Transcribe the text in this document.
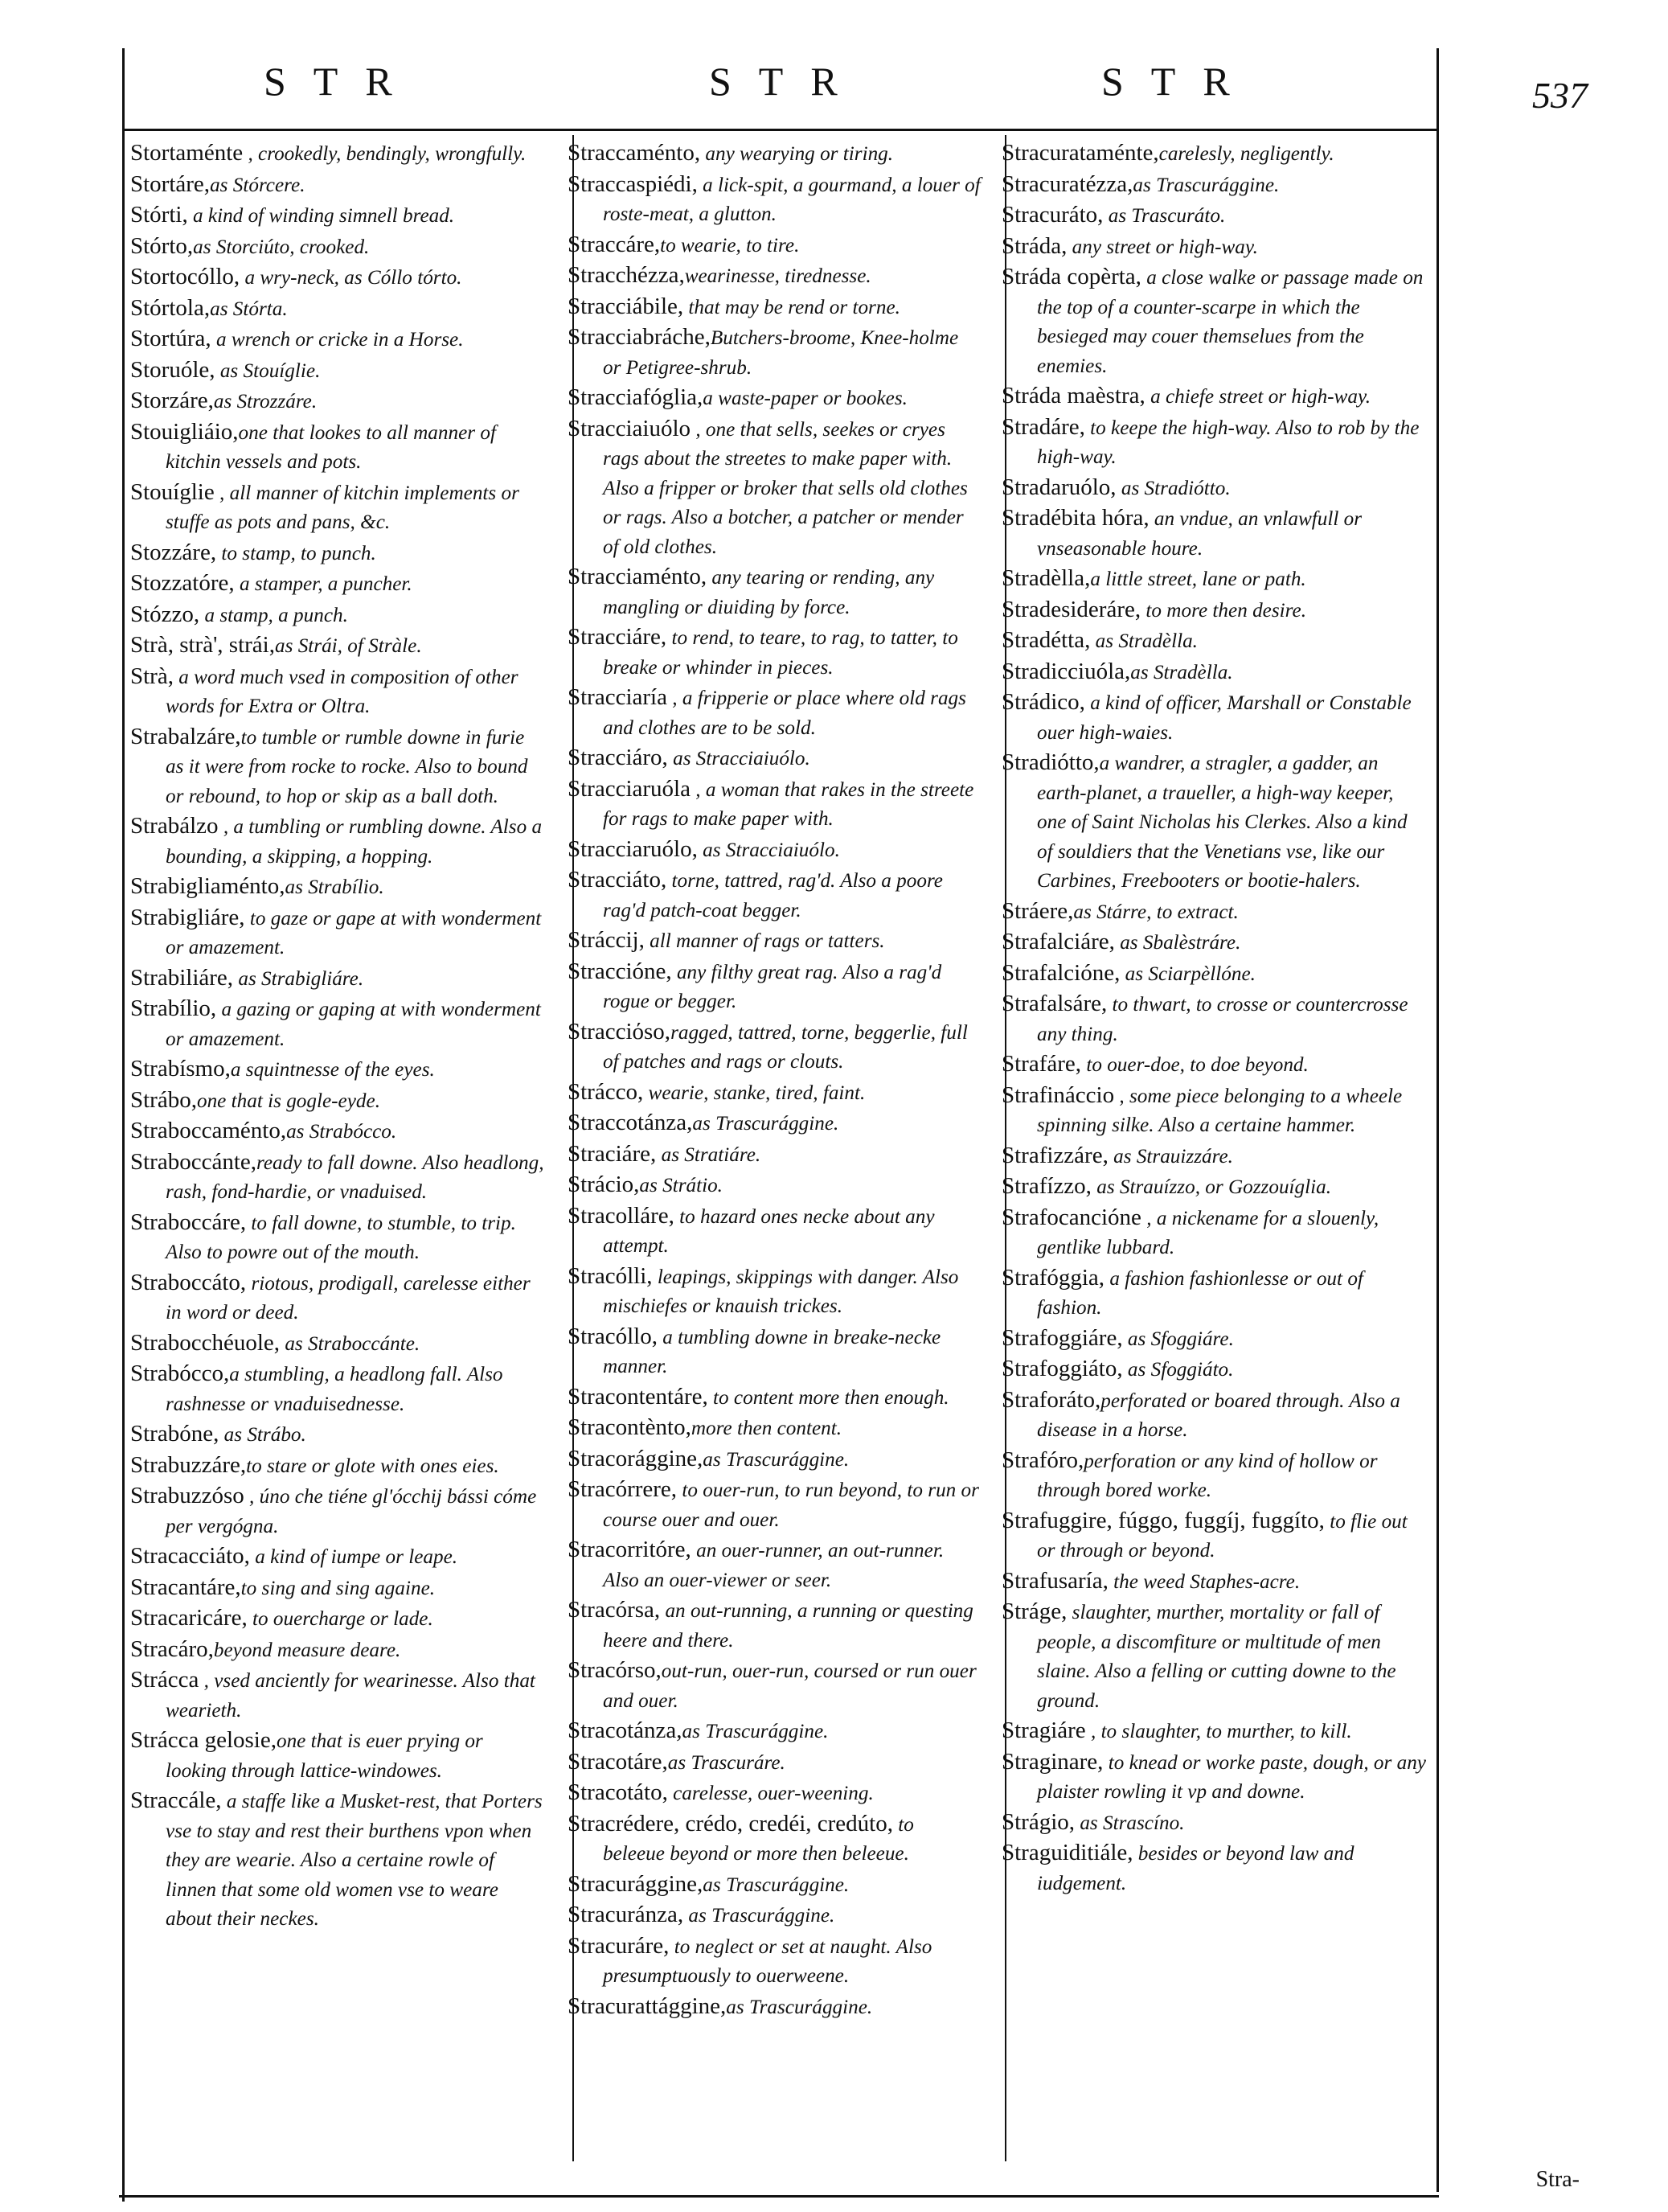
STR	STR	STR	537
Stortaménte , crookedly, bendingly, wrongfully.
Stortáre,as Stórcere.
Stórti, a kind of winding simnell bread.
Stórto,as Storciúto, crooked.
Stortocóllo, a wry-neck, as Cóllo tórto.
Stórtola,as Stórta.
Stortúra, a wrench or cricke in a Horse.
Storuóle, as Stouíglie.
Storzáre,as Strozzáre.
Stouigliáio,one that lookes to all manner of kitchin vessels and pots.
Stouíglie , all manner of kitchin implements or stuffe as pots and pans, &c.
Stozzáre, to stamp, to punch.
Stozzatóre, a stamper, a puncher.
Stózzo, a stamp, a punch.
Strà, strà', strái,as Strái, of Stràle.
Strà, a word much vsed in composition of other words for Extra or Oltra.
Strabalzáre,to tumble or rumble downe in furie as it were from rocke to rocke. Also to bound or rebound, to hop or skip as a ball doth.
Strabálzo , a tumbling or rumbling downe. Also a bounding, a skipping, a hopping.
Strabigliaménto,as Strabílio.
Strabigliáre, to gaze or gape at with wonderment or amazement.
Strabiliáre, as Strabigliáre.
Strabílio, a gazing or gaping at with wonderment or amazement.
Strabísmo,a squintnesse of the eyes.
Strábo,one that is gogle-eyde.
Straboccaménto,as Strabócco.
Straboccánte,ready to fall downe. Also headlong, rash, fond-hardie, or vnaduised.
Straboccáre, to fall downe, to stumble, to trip. Also to powre out of the mouth.
Straboccáto, riotous, prodigall, carelesse either in word or deed.
Strabocchéuole, as Straboccánte.
Strabócco,a stumbling, a headlong fall. Also rashnesse or vnaduisednesse.
Strabóne, as Strábo.
Strabuzzáre,to stare or glote with ones eies.
Strabuzzóso , úno che tiéne gl'ócchij bássi cóme per vergógna.
Stracacciáto, a kind of iumpe or leape.
Stracantáre,to sing and sing againe.
Stracaricáre, to ouercharge or lade.
Stracáro,beyond measure deare.
Strácca , vsed anciently for wearinesse. Also that wearieth.
Strácca gelosie,one that is euer prying or looking through lattice-windowes.
Straccále, a staffe like a Musket-rest, that Porters vse to stay and rest their burthens vpon when they are wearie. Also a certaine rowle of linnen that some old women vse to weare about their neckes.
Straccaménto, any wearying or tiring.
Straccaspiédi, a lick-spit, a gourmand, a louer of roste-meat, a glutton.
Straccáre,to wearie, to tire.
Stracchézza,wearinesse, tirednesse.
Stracciábile, that may be rend or torne.
Stracciabráche,Butchers-broome, Knee-holme or Petigree-shrub.
Stracciafóglia,a waste-paper or bookes.
Stracciaiuólo , one that sells, seekes or cryes rags about the streetes to make paper with. Also a fripper or broker that sells old clothes or rags. Also a botcher, a patcher or mender of old clothes.
Stracciaménto, any tearing or rending, any mangling or diuiding by force.
Stracciáre, to rend, to teare, to rag, to tatter, to breake or whinder in pieces.
Stracciaría , a fripperie or place where old rags and clothes are to be sold.
Stracciáro, as Stracciaiuólo.
Stracciaruóla , a woman that rakes in the streete for rags to make paper with.
Stracciaruólo, as Stracciaiuólo.
Stracciáto, torne, tattred, rag'd. Also a poore rag'd patch-coat begger.
Stráccij, all manner of rags or tatters.
Straccióne, any filthy great rag. Also a rag'd rogue or begger.
Stracciόso,ragged, tattred, torne, beggerlie, full of patches and rags or clouts.
Strácco, wearie, stanke, tired, faint.
Straccotánza,as Trascurággine.
Straciáre, as Stratiáre.
Strácio,as Strátio.
Stracolláre, to hazard ones necke about any attempt.
Stracólli, leapings, skippings with danger. Also mischiefes or knauish trickes.
Stracóllo, a tumbling downe in breake-necke manner.
Stracontentáre, to content more then enough.
Stracontènto,more then content.
Stracorággine,as Trascurággine.
Stracórrere, to ouer-run, to run beyond, to run or course ouer and ouer.
Stracorritóre, an ouer-runner, an out-runner. Also an ouer-viewer or seer.
Stracórsa, an out-running, a running or questing heere and there.
Stracórso,out-run, ouer-run, coursed or run ouer and ouer.
Stracotánza,as Trascurággine.
Stracotáre,as Trascuráre.
Stracotáto, carelesse, ouer-weening.
Stracrédere, crédo, credéi, credúto, to beleeue beyond or more then beleeue.
Stracurággine,as Trascurággine.
Stracuránza, as Trascurággine.
Stracuráre, to neglect or set at naught. Also presumptuously to ouerweene.
Stracurattággine,as Trascurággine.
Stracurataménte,carelesly, negligently.
Stracuratézza,as Trascurággine.
Stracuráto, as Trascuráto.
Stráda, any street or high-way.
Stráda copèrta, a close walke or passage made on the top of a counter-scarpe in which the besieged may couer themselues from the enemies.
Stráda maèstra, a chiefe street or high-way.
Stradáre, to keepe the high-way. Also to rob by the high-way.
Stradaruólo, as Stradiótto.
Stradébita hóra, an vndue, an vnlawfull or vnseasonable houre.
Stradèlla,a little street, lane or path.
Stradesideráre, to more then desire.
Stradétta, as Stradèlla.
Stradicciuóla,as Stradèlla.
Strádico, a kind of officer, Marshall or Constable ouer high-waies.
Stradiótto,a wandrer, a stragler, a gadder, an earth-planet, a traueller, a high-way keeper, one of Saint Nicholas his Clerkes. Also a kind of souldiers that the Venetians vse, like our Carbines, Freebooters or bootie-halers.
Stráere,as Stárre, to extract.
Strafalciáre, as Sbalèstráre.
Strafalcióne, as Sciarpèllóne.
Strafalsáre, to thwart, to crosse or countercrosse any thing.
Strafáre, to ouer-doe, to doe beyond.
Strafináccio , some piece belonging to a wheele spinning silke. Also a certaine hammer.
Strafizzáre, as Strauizzáre.
Strafízzo, as Strauízzo, or Gozzouíglia.
Strafocancióne , a nickename for a slouenly, gentlike lubbard.
Strafóggia, a fashion fashionlesse or out of fashion.
Strafoggiáre, as Sfoggiáre.
Strafoggiáto, as Sfoggiáto.
Straforáto,perforated or boared through. Also a disease in a horse.
Strafóro,perforation or any kind of hollow or through bored worke.
Strafuggire, fúggo, fuggíj, fuggíto, to flie out or through or beyond.
Strafusaría, the weed Staphes-acre.
Stráge, slaughter, murther, mortality or fall of people, a discomfiture or multitude of men slaine. Also a felling or cutting downe to the ground.
Stragiáre , to slaughter, to murther, to kill.
Straginare, to knead or worke paste, dough, or any plaister rowling it vp and downe.
Strágio, as Strascíno.
Straguiditiále, besides or beyond law and iudgement.
Stra-
